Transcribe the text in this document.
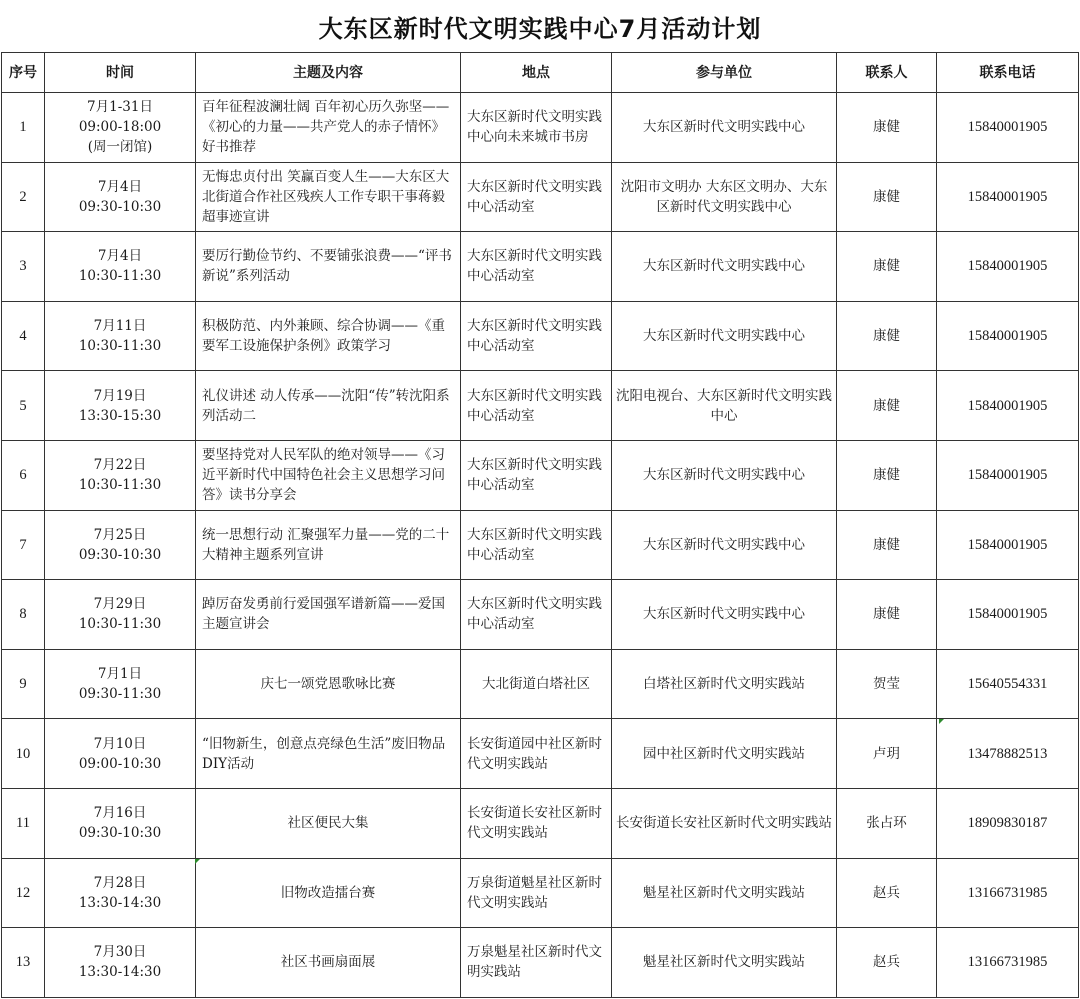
大东区新时代文明实践中心7月活动计划
序号	时间	主题及内容	地点	参与单位	联系人	联系电话
1	7月1-31日
09:00-18:00
(周一闭馆)	百年征程波澜壮阔 百年初心历久弥坚——《初心的力量——共产党人的赤子情怀》好书推荐	大东区新时代文明实践中心向未来城市书房	大东区新时代文明实践中心	康健	15840001905
2	7月4日
09:30-10:30	无悔忠贞付出 笑赢百变人生——大东区大北街道合作社区残疾人工作专职干事蒋毅超事迹宣讲	大东区新时代文明实践中心活动室	沈阳市文明办 大东区文明办、大东区新时代文明实践中心	康健	15840001905
3	7月4日
10:30-11:30	要厉行勤俭节约、不要铺张浪费——“评书新说”系列活动	大东区新时代文明实践中心活动室	大东区新时代文明实践中心	康健	15840001905
4	7月11日
10:30-11:30	积极防范、内外兼顾、综合协调——《重要军工设施保护条例》政策学习	大东区新时代文明实践中心活动室	大东区新时代文明实践中心	康健	15840001905
5	7月19日
13:30-15:30	礼仪讲述 动人传承——沈阳“传”转沈阳系列活动二	大东区新时代文明实践中心活动室	沈阳电视台、大东区新时代文明实践中心	康健	15840001905
6	7月22日
10:30-11:30	要坚持党对人民军队的绝对领导——《习近平新时代中国特色社会主义思想学习问答》读书分享会	大东区新时代文明实践中心活动室	大东区新时代文明实践中心	康健	15840001905
7	7月25日
09:30-10:30	统一思想行动 汇聚强军力量——党的二十大精神主题系列宣讲	大东区新时代文明实践中心活动室	大东区新时代文明实践中心	康健	15840001905
8	7月29日
10:30-11:30	踔厉奋发勇前行爱国强军谱新篇——爱国主题宣讲会	大东区新时代文明实践中心活动室	大东区新时代文明实践中心	康健	15840001905
9	7月1日
09:30-11:30	庆七一颂党恩歌咏比赛	大北街道白塔社区	白塔社区新时代文明实践站	贺莹	15640554331
10	7月10日
09:00-10:30	“旧物新生，创意点亮绿色生活”废旧物品DIY活动	长安街道园中社区新时代文明实践站	园中社区新时代文明实践站	卢玥	13478882513
11	7月16日
09:30-10:30	社区便民大集	长安街道长安社区新时代文明实践站	长安街道长安社区新时代文明实践站	张占环	18909830187
12	7月28日
13:30-14:30	旧物改造擂台赛	万泉街道魁星社区新时代文明实践站	魁星社区新时代文明实践站	赵兵	13166731985
13	7月30日
13:30-14:30	社区书画扇面展	万泉魁星社区新时代文明实践站	魁星社区新时代文明实践站	赵兵	13166731985
